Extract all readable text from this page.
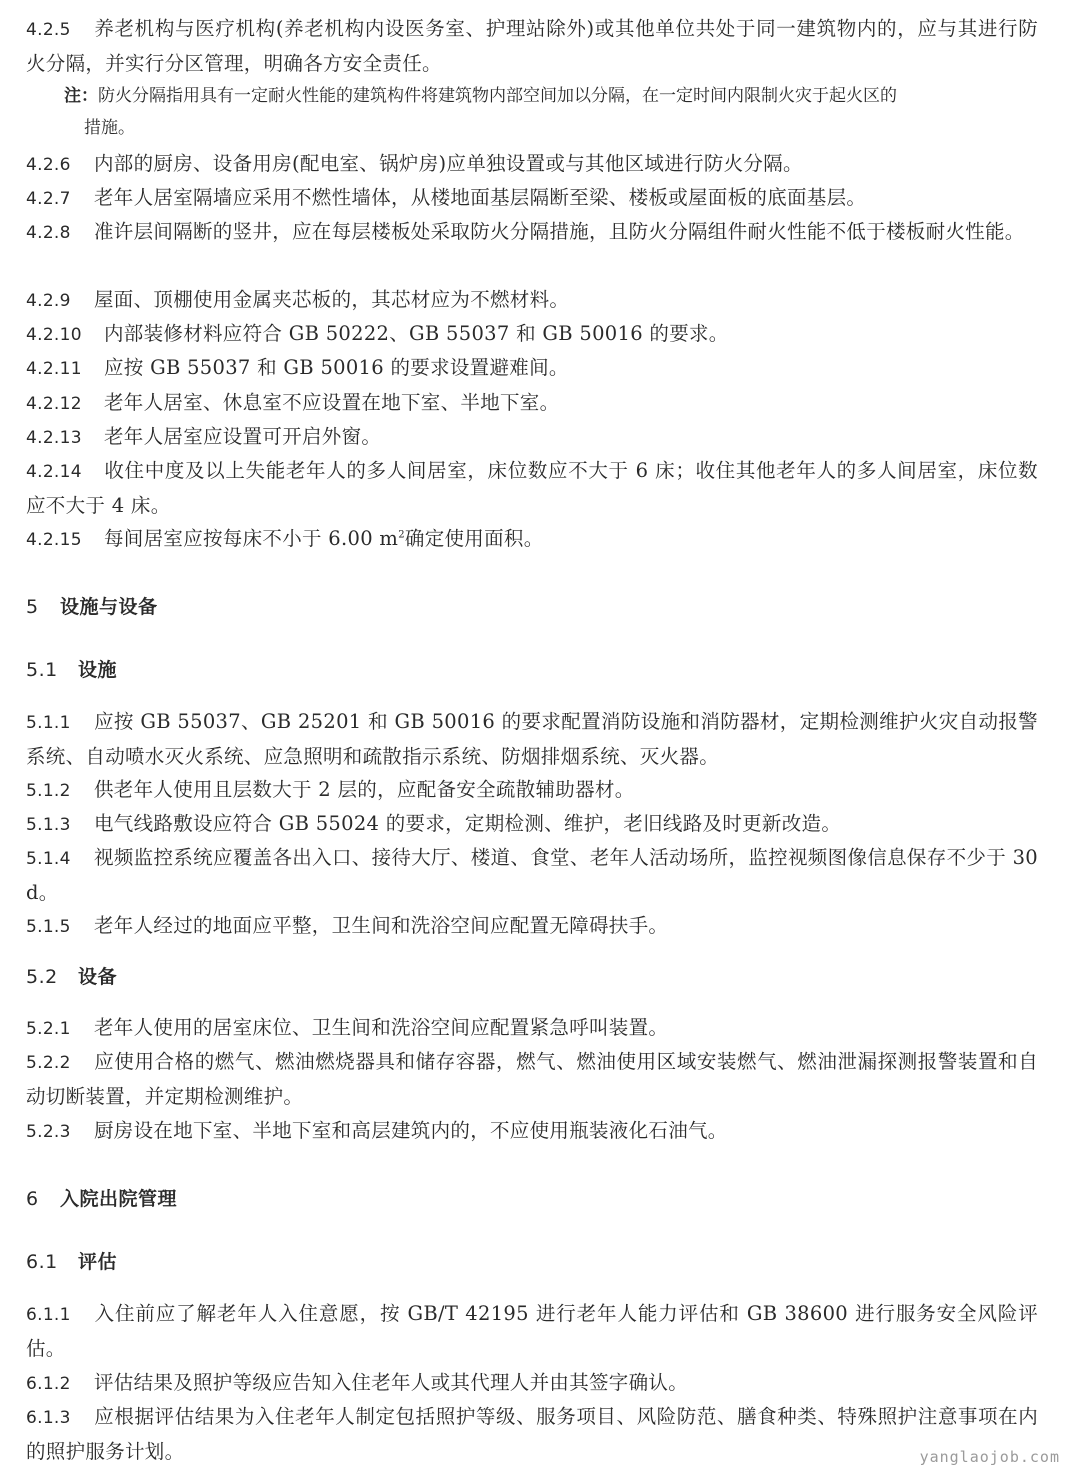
4.2.5 养老机构与医疗机构(养老机构内设医务室、护理站除外)或其他单位共处于同一建筑物内的，应与其进行防火分隔，并实行分区管理，明确各方安全责任。
注：防火分隔指用具有一定耐火性能的建筑构件将建筑物内部空间加以分隔，在一定时间内限制火灾于起火区的
措施。
4.2.6 内部的厨房、设备用房(配电室、锅炉房)应单独设置或与其他区域进行防火分隔。
4.2.7 老年人居室隔墙应采用不燃性墙体，从楼地面基层隔断至梁、楼板或屋面板的底面基层。
4.2.8 准许层间隔断的竖井，应在每层楼板处采取防火分隔措施，且防火分隔组件耐火性能不低于楼板耐火性能。
4.2.9 屋面、顶棚使用金属夹芯板的，其芯材应为不燃材料。
4.2.10 内部装修材料应符合 GB 50222、GB 55037 和 GB 50016 的要求。
4.2.11 应按 GB 55037 和 GB 50016 的要求设置避难间。
4.2.12 老年人居室、休息室不应设置在地下室、半地下室。
4.2.13 老年人居室应设置可开启外窗。
4.2.14 收住中度及以上失能老年人的多人间居室，床位数应不大于 6 床；收住其他老年人的多人间居室，床位数应不大于 4 床。
4.2.15 每间居室应按每床不小于 6.00 $m^2$确定使用面积。
5 设施与设备
5.1 设施
5.1.1 应按 GB 55037、GB 25201 和 GB 50016 的要求配置消防设施和消防器材，定期检测维护火灾自动报警系统、自动喷水灭火系统、应急照明和疏散指示系统、防烟排烟系统、灭火器。
5.1.2 供老年人使用且层数大于 2 层的，应配备安全疏散辅助器材。
5.1.3 电气线路敷设应符合 GB 55024 的要求，定期检测、维护，老旧线路及时更新改造。
5.1.4 视频监控系统应覆盖各出入口、接待大厅、楼道、食堂、老年人活动场所，监控视频图像信息保存不少于 30 d。
5.1.5 老年人经过的地面应平整，卫生间和洗浴空间应配置无障碍扶手。
5.2 设备
5.2.1 老年人使用的居室床位、卫生间和洗浴空间应配置紧急呼叫装置。
5.2.2 应使用合格的燃气、燃油燃烧器具和储存容器，燃气、燃油使用区域安装燃气、燃油泄漏探测报警装置和自动切断装置，并定期检测维护。
5.2.3 厨房设在地下室、半地下室和高层建筑内的，不应使用瓶装液化石油气。
6 入院出院管理
6.1 评估
6.1.1 入住前应了解老年人入住意愿，按 GB/T 42195 进行老年人能力评估和 GB 38600 进行服务安全风险评估。
6.1.2 评估结果及照护等级应告知入住老年人或其代理人并由其签字确认。
6.1.3 应根据评估结果为入住老年人制定包括照护等级、服务项目、风险防范、膳食种类、特殊照护注意事项在内的照护服务计划。	yanglaojob.com
